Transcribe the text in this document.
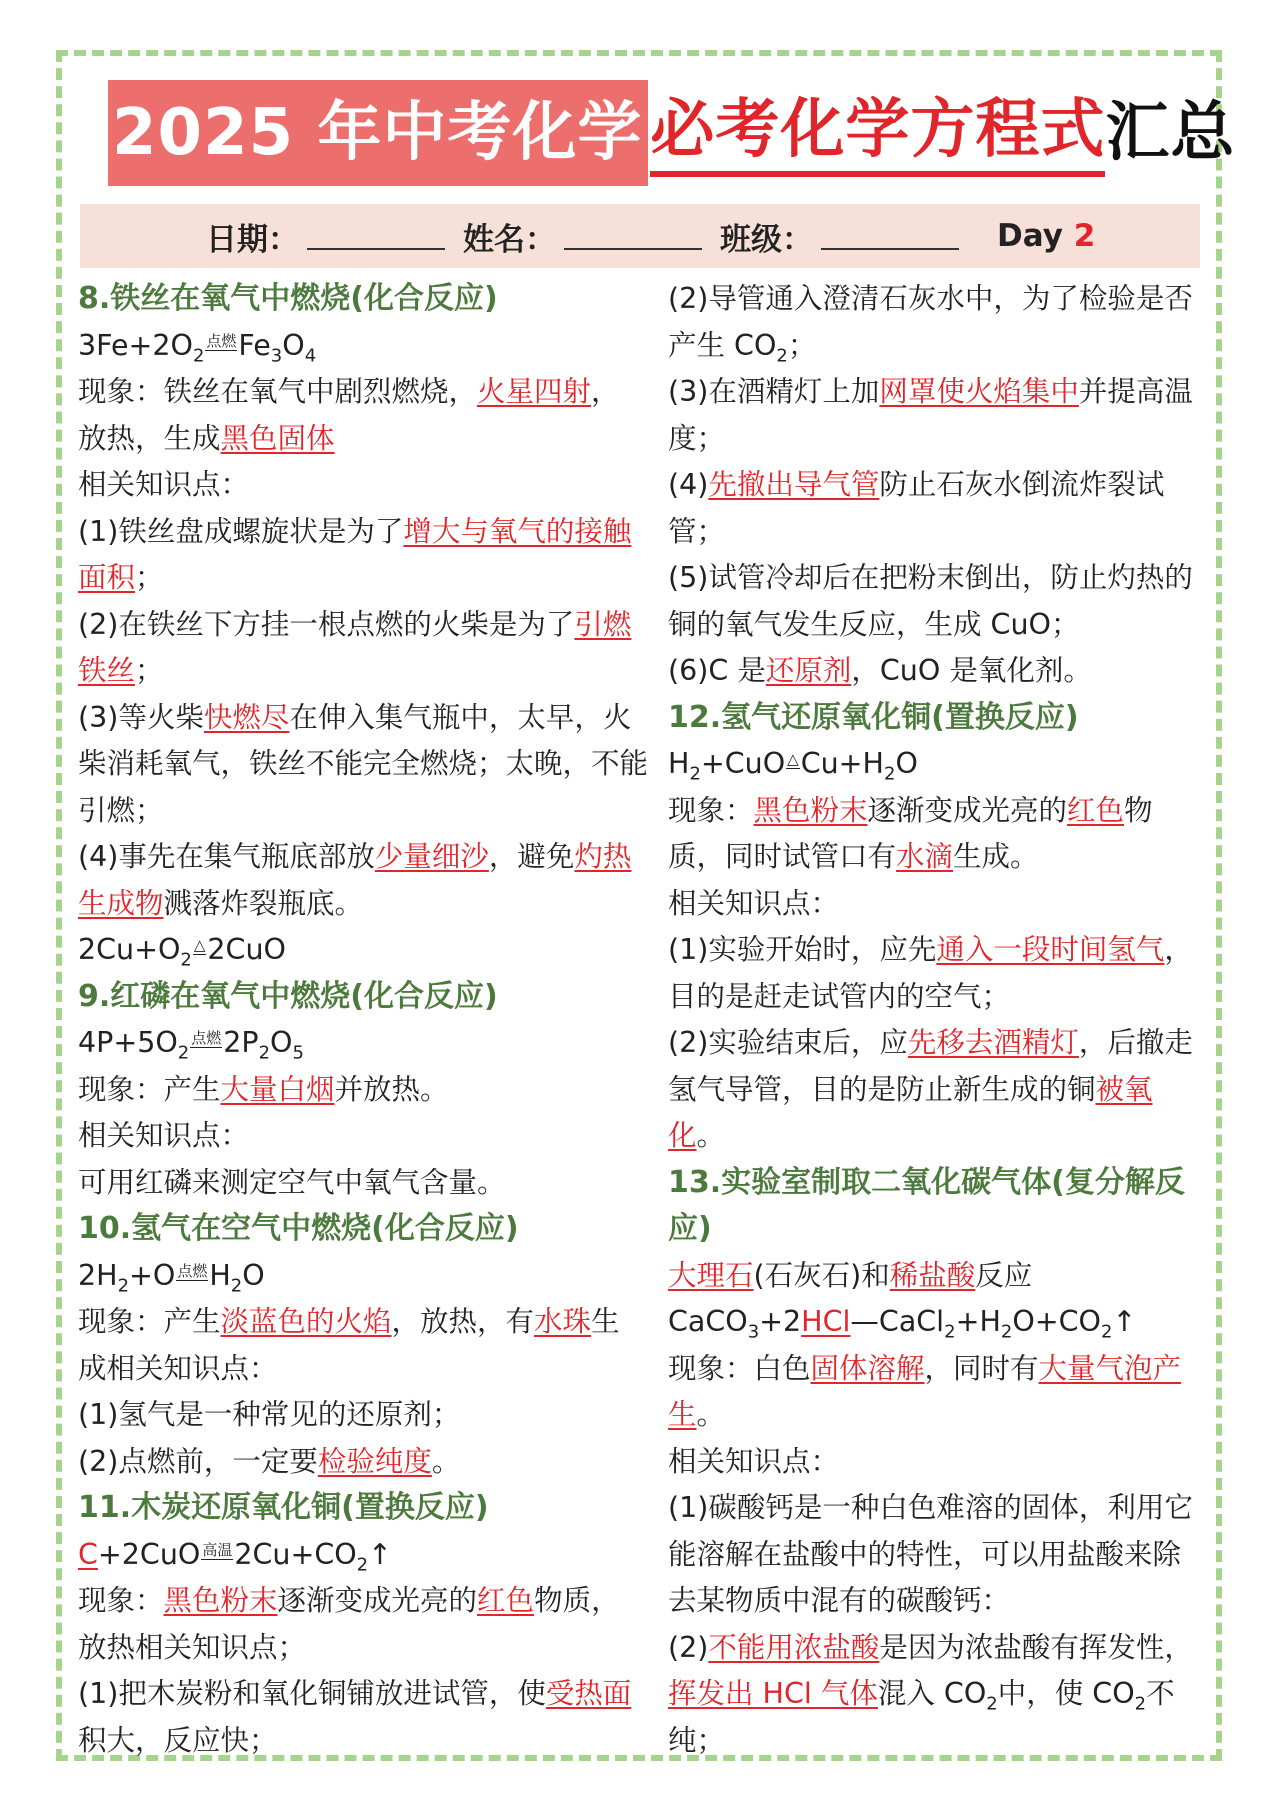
2025 年中考化学 必考化学方程式 汇总
日期：	姓名：	班级：	Day 2
8.铁丝在氧气中燃烧(化合反应)
$3Fe+2O_2$点燃$Fe_3O_4$
现象：铁丝在氧气中剧烈燃烧，火星四射，放热，生成黑色固体
相关知识点：
(1)铁丝盘成螺旋状是为了增大与氧气的接触面积；
(2)在铁丝下方挂一根点燃的火柴是为了引燃铁丝；
(3)等火柴快燃尽在伸入集气瓶中，太早，火柴消耗氧气，铁丝不能完全燃烧；太晚，不能引燃；
(4)事先在集气瓶底部放少量细沙，避免灼热生成物溅落炸裂瓶底。
$2Cu+O_2\triangle 2CuO$
9.红磷在氧气中燃烧(化合反应)
$4P+5O_2$点燃$2P_2O_5$
现象：产生大量白烟并放热。
相关知识点：
可用红磷来测定空气中氧气含量。
10.氢气在空气中燃烧(化合反应)
$2H_2+O$ 点燃$H_2O$
现象：产生淡蓝色的火焰，放热，有水珠生成相关知识点：
(1)氢气是一种常见的还原剂；
(2)点燃前，一定要检验纯度。
11.木炭还原氧化铜(置换反应)
C+2CuO 高温$2Cu+CO_2↑$
现象：黑色粉末逐渐变成光亮的红色物质，放热相关知识点；
(1)把木炭粉和氧化铜铺放进试管，使受热面积大，反应快；
(2)导管通入澄清石灰水中，为了检验是否产生 $CO_2$；
(3)在酒精灯上加网罩使火焰集中并提高温度；
(4)先撤出导气管防止石灰水倒流炸裂试管；
(5)试管冷却后在把粉末倒出，防止灼热的铜的氧气发生反应，生成 CuO；
(6)C 是还原剂，CuO 是氧化剂。
12.氢气还原氧化铜(置换反应)
$H_2+CuO$ $\triangle Cu+H_2O$
现象：黑色粉末逐渐变成光亮的红色物质，同时试管口有水滴生成。
相关知识点：
(1)实验开始时，应先通入一段时间氢气，目的是赶走试管内的空气；
(2)实验结束后，应先移去酒精灯，后撤走氢气导管，目的是防止新生成的铜被氧化。
13.实验室制取二氧化碳气体(复分解反应)
大理石(石灰石)和稀盐酸反应
$CaCO_3+2HCl—CaCl_2+H_2O+CO_2↑$
现象：白色固体溶解，同时有大量气泡产生。
相关知识点：
(1)碳酸钙是一种白色难溶的固体，利用它能溶解在盐酸中的特性，可以用盐酸来除去某物质中混有的碳酸钙：
(2)不能用浓盐酸是因为浓盐酸有挥发性，挥发出 HCl 气体混入 $CO_2$中，使 $CO_2$不纯；
